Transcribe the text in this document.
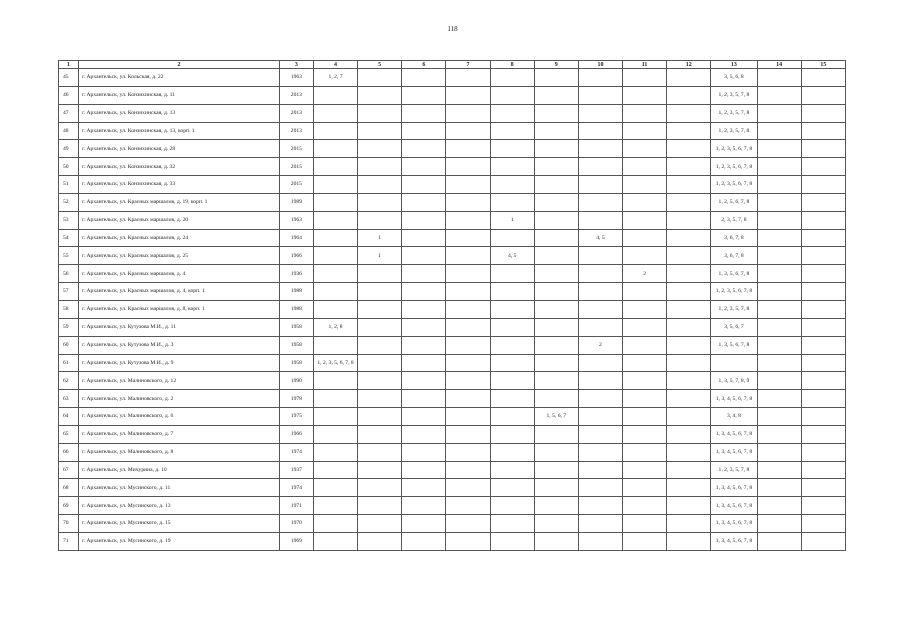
118
1	2	3	4	5	6	7	8	9	10	11	12	13	14	15
45	г. Архангельск, ул. Кольская, д. 22	1963	1, 2, 7									3, 5, 6, 8		
46	г. Архангельск, ул. Конзихинская, д. 11	2013										1, 2, 3, 5, 7, 8		
47	г. Архангельск, ул. Конзихинская, д. 13	2013										1, 2, 3, 5, 7, 8		
48	г. Архангельск, ул. Конзихинская, д. 13, корп. 1	2013										1, 2, 3, 5, 7, 8		
49	г. Архангельск, ул. Конзихинская, д. 28	2015										1, 2, 3, 5, 6, 7, 8		
50	г. Архангельск, ул. Конзихинская, д. 32	2015										1, 2, 3, 5, 6, 7, 8		
51	г. Архангельск, ул. Конзихинская, д. 33	2015										1, 2, 3, 5, 6, 7, 8		
52	г. Архангельск, ул. Красных маршалов, д. 19, корп. 1	1989										1, 2, 5, 6, 7, 8		
53	г. Архангельск, ул. Красных маршалов, д. 20	1963					1					2, 3, 5, 7, 8		
54	г. Архангельск, ул. Красных маршалов, д. 24	1964		1					4, 5			3, 6, 7, 8		
55	г. Архангельск, ул. Красных маршалов, д. 25	1966		1			4, 5					3, 6, 7, 8		
56	г. Архангельск, ул. Красных маршалов, д. 4	1936								2		1, 3, 5, 6, 7, 8		
57	г. Архангельск, ул. Красных маршалов, д. 4, корп. 1	1988										1, 2, 3, 5, 6, 7, 8		
58	г. Архангельск, ул. Красных маршалов, д. 8, корп. 1	1988										1, 2, 3, 5, 7, 8		
59	г. Архангельск, ул. Кутузова М.И., д. 11	1958	1, 2, 8									3, 5, 6, 7		
60	г. Архангельск, ул. Кутузова М.И., д. 3	1958							2			1, 3, 5, 6, 7, 8		
61	г. Архангельск, ул. Кутузова М.И., д. 9	1958	1, 2, 3, 5, 6, 7, 8											
62	г. Архангельск, ул. Малиновского, д. 12	1990										1, 3, 5, 7, 8, 9		
63	г. Архангельск, ул. Малиновского, д. 2	1978										1, 3, 4, 5, 6, 7, 8		
64	г. Архангельск, ул. Малиновского, д. 6	1975						1, 5, 6, 7				3, 4, 8		
65	г. Архангельск, ул. Малиновского, д. 7	1966										1, 3, 4, 5, 6, 7, 8		
66	г. Архангельск, ул. Малиновского, д. 8	1974										1, 3, 4, 5, 6, 7, 8		
67	г. Архангельск, ул. Мичурина, д. 10	1937										1, 2, 3, 5, 7, 8		
68	г. Архангельск, ул. Мусинского, д. 11	1974										1, 3, 4, 5, 6, 7, 8		
69	г. Архангельск, ул. Мусинского, д. 13	1971										1, 3, 4, 5, 6, 7, 8		
70	г. Архангельск, ул. Мусинского, д. 15	1970										1, 3, 4, 5, 6, 7, 8		
71	г. Архангельск, ул. Мусинского, д. 19	1969										1, 3, 4, 5, 6, 7, 8		
